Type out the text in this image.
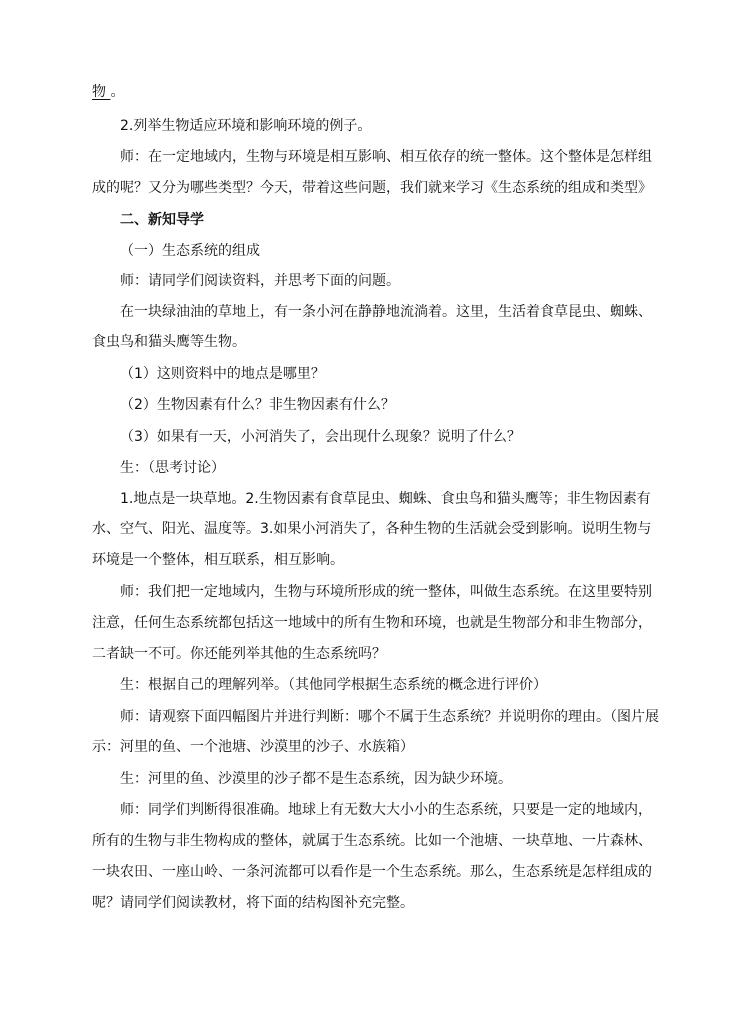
物 。
2.列举生物适应环境和影响环境的例子。
师：在一定地域内，生物与环境是相互影响、相互依存的统一整体。这个整体是怎样组
成的呢？又分为哪些类型？今天，带着这些问题，我们就来学习《生态系统的组成和类型》
二、新知导学
（一）生态系统的组成
师：请同学们阅读资料，并思考下面的问题。
在一块绿油油的草地上，有一条小河在静静地流淌着。这里，生活着食草昆虫、蜘蛛、
食虫鸟和猫头鹰等生物。
（1）这则资料中的地点是哪里？
（2）生物因素有什么？非生物因素有什么？
（3）如果有一天，小河消失了，会出现什么现象？说明了什么？
生：（思考讨论）
1.地点是一块草地。2.生物因素有食草昆虫、蜘蛛、食虫鸟和猫头鹰等；非生物因素有
水、空气、阳光、温度等。3.如果小河消失了，各种生物的生活就会受到影响。说明生物与
环境是一个整体，相互联系，相互影响。
师：我们把一定地域内，生物与环境所形成的统一整体，叫做生态系统。在这里要特别
注意，任何生态系统都包括这一地域中的所有生物和环境，也就是生物部分和非生物部分，
二者缺一不可。你还能列举其他的生态系统吗？
生：根据自己的理解列举。（其他同学根据生态系统的概念进行评价）
师：请观察下面四幅图片并进行判断：哪个不属于生态系统？并说明你的理由。（图片展
示：河里的鱼、一个池塘、沙漠里的沙子、水族箱）
生：河里的鱼、沙漠里的沙子都不是生态系统，因为缺少环境。
师：同学们判断得很准确。地球上有无数大大小小的生态系统，只要是一定的地域内，
所有的生物与非生物构成的整体，就属于生态系统。比如一个池塘、一块草地、一片森林、
一块农田、一座山岭、一条河流都可以看作是一个生态系统。那么，生态系统是怎样组成的
呢？请同学们阅读教材，将下面的结构图补充完整。
